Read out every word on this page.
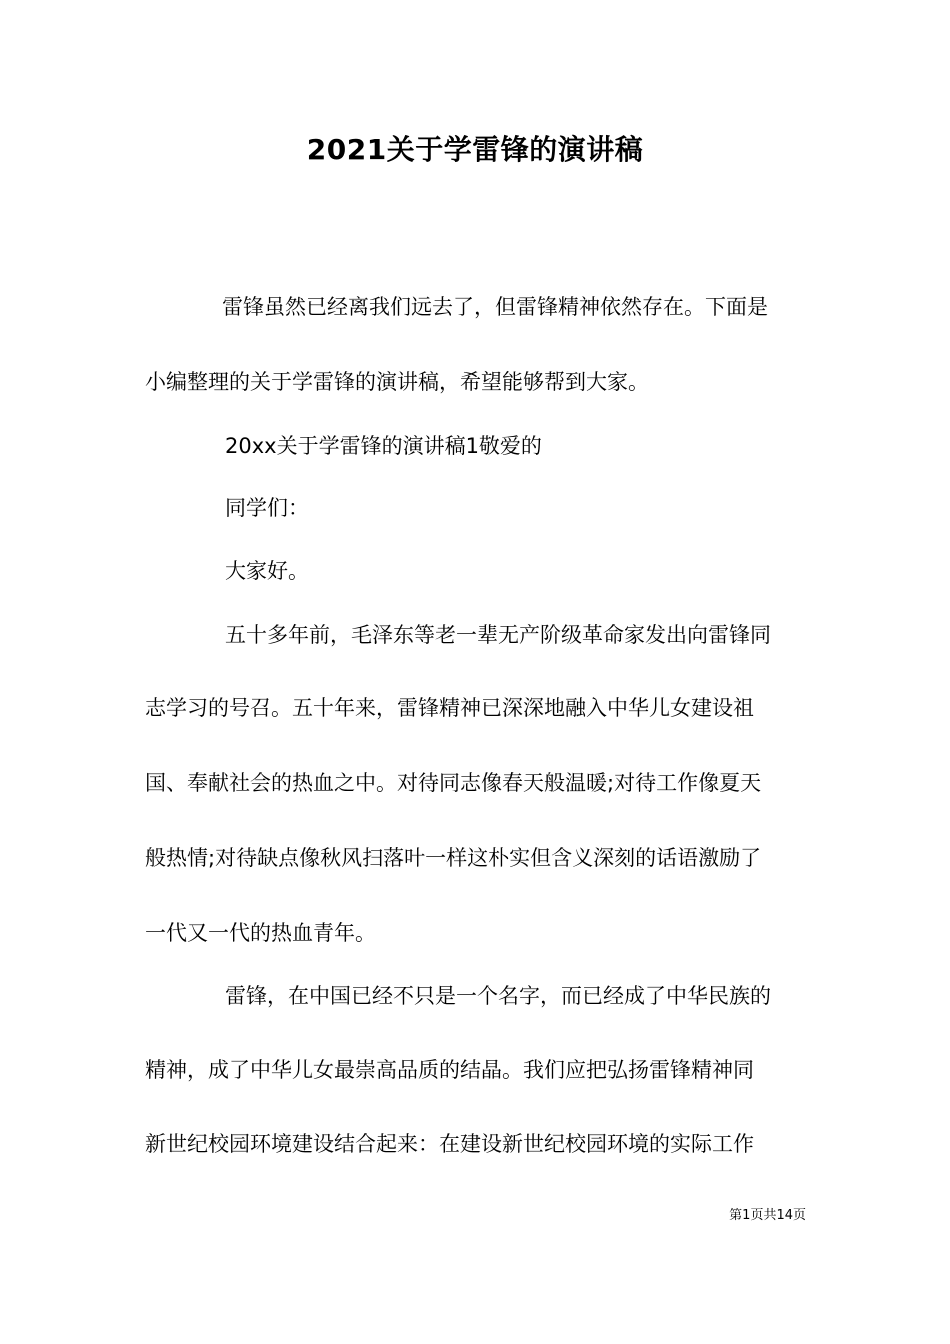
2021关于学雷锋的演讲稿
雷锋虽然已经离我们远去了，但雷锋精神依然存在。下面是
小编整理的关于学雷锋的演讲稿，希望能够帮到大家。
20xx关于学雷锋的演讲稿1敬爱的
同学们：
大家好。
五十多年前，毛泽东等老一辈无产阶级革命家发出向雷锋同
志学习的号召。五十年来，雷锋精神已深深地融入中华儿女建设祖
国、奉献社会的热血之中。对待同志像春天般温暖;对待工作像夏天
般热情;对待缺点像秋风扫落叶一样这朴实但含义深刻的话语激励了
一代又一代的热血青年。
雷锋，在中国已经不只是一个名字，而已经成了中华民族的
精神，成了中华儿女最崇高品质的结晶。我们应把弘扬雷锋精神同
新世纪校园环境建设结合起来：在建设新世纪校园环境的实际工作
第1页共14页
